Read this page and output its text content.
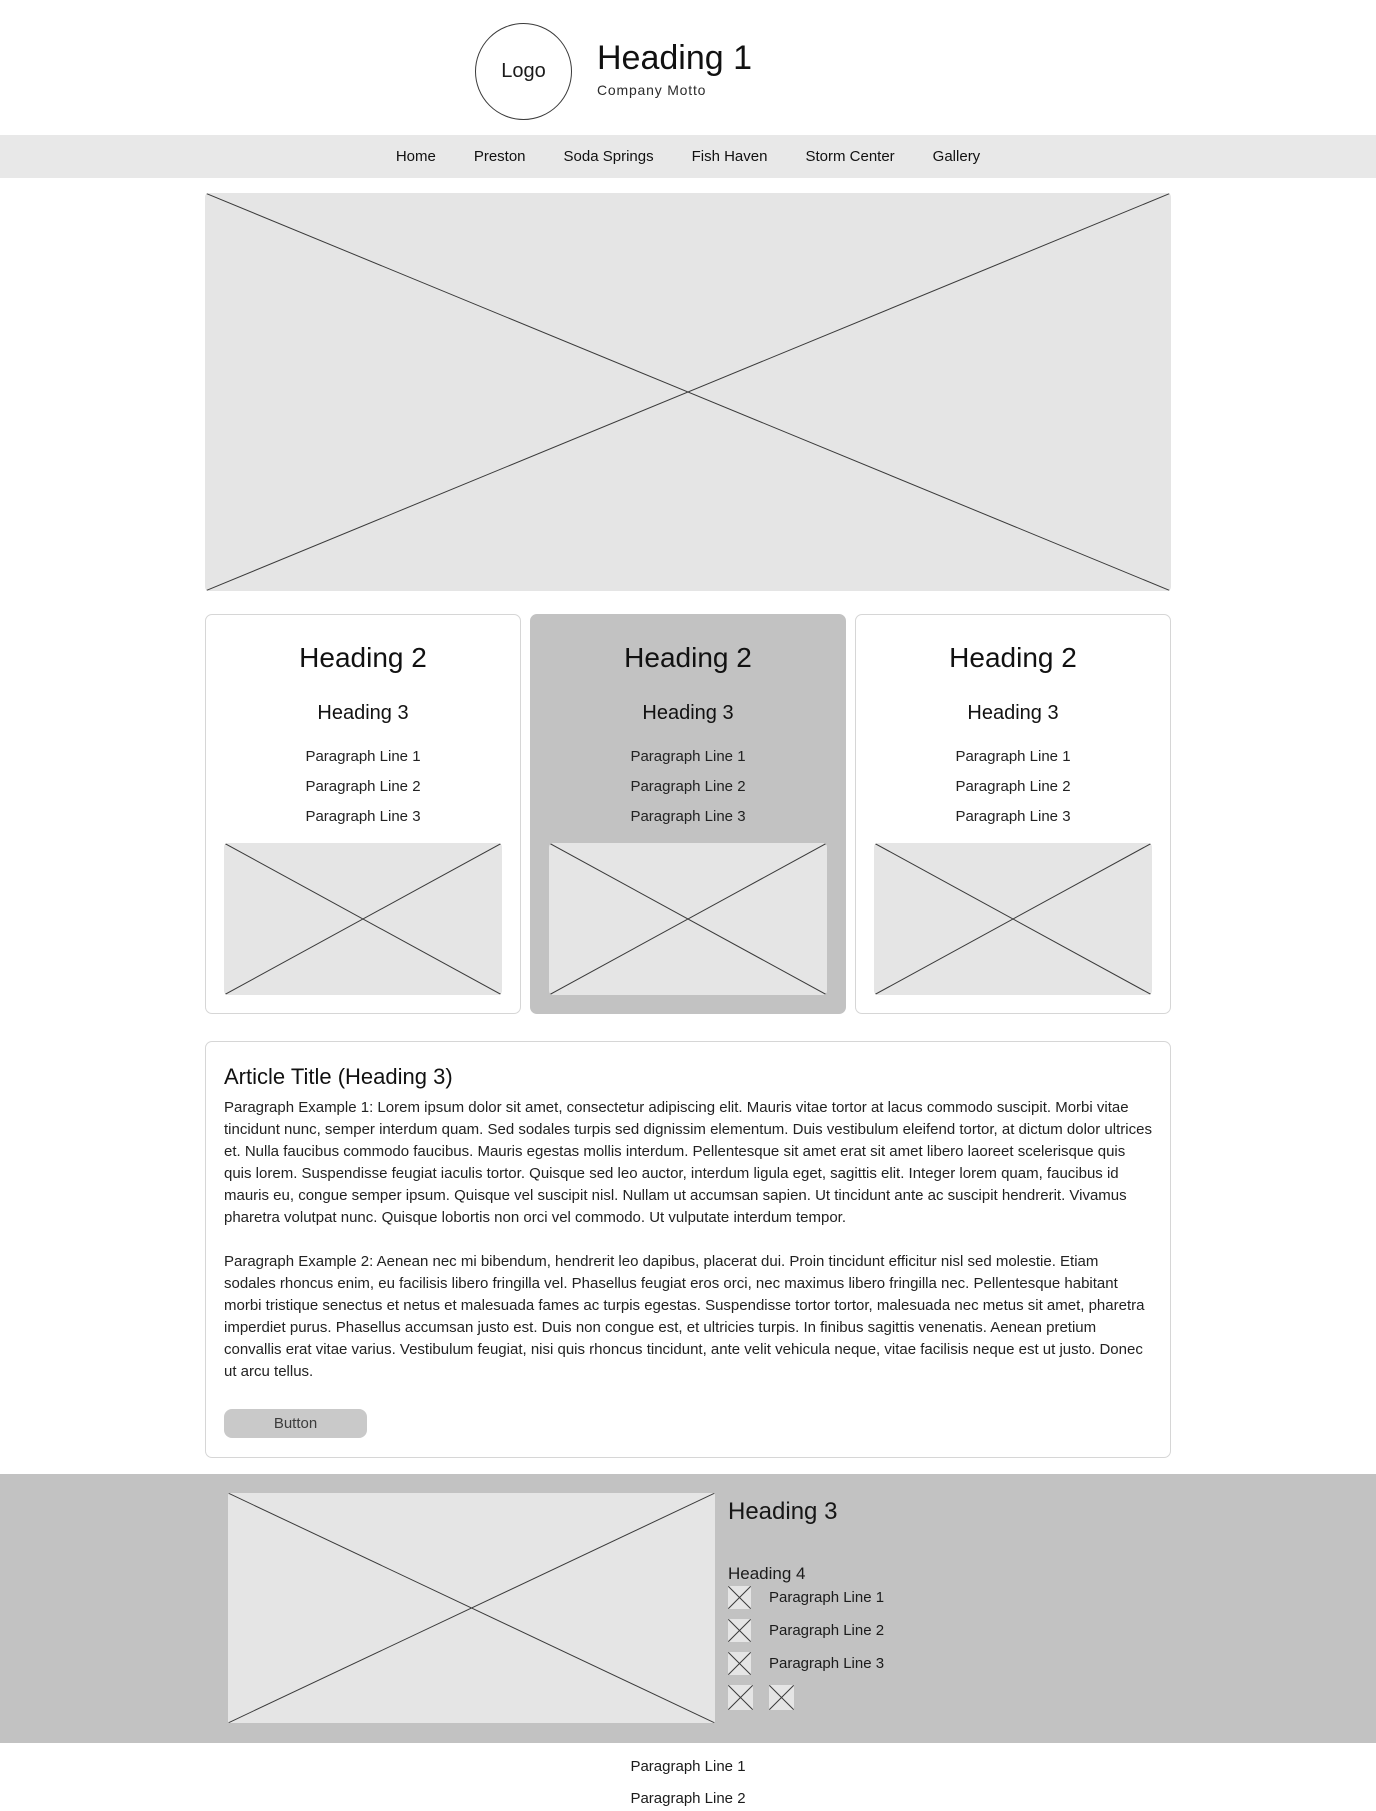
Logo Heading 1
Company Motto
Home	Preston	Soda Springs	Fish Haven	Storm Center	Gallery
Heading 2
Heading 3
Paragraph Line 1
Paragraph Line 2
Paragraph Line 3
Heading 2
Heading 3
Paragraph Line 1
Paragraph Line 2
Paragraph Line 3
Heading 2
Heading 3
Paragraph Line 1
Paragraph Line 2
Paragraph Line 3
Article Title (Heading 3)

Paragraph Example 1: Lorem ipsum dolor sit amet, consectetur adipiscing elit. Mauris vitae tortor at lacus commodo suscipit. Morbi vitae tincidunt nunc, semper interdum quam. Sed sodales turpis sed dignissim elementum. Duis vestibulum eleifend tortor, at dictum dolor ultrices et. Nulla faucibus commodo faucibus. Mauris egestas mollis interdum. Pellentesque sit amet erat sit amet libero laoreet scelerisque quis quis lorem. Suspendisse feugiat iaculis tortor. Quisque sed leo auctor, interdum ligula eget, sagittis elit. Integer lorem quam, faucibus id mauris eu, congue semper ipsum. Quisque vel suscipit nisl. Nullam ut accumsan sapien. Ut tincidunt ante ac suscipit hendrerit. Vivamus pharetra volutpat nunc. Quisque lobortis non orci vel commodo. Ut vulputate interdum tempor.

Paragraph Example 2: Aenean nec mi bibendum, hendrerit leo dapibus, placerat dui. Proin tincidunt efficitur nisl sed molestie. Etiam sodales rhoncus enim, eu facilisis libero fringilla vel. Phasellus feugiat eros orci, nec maximus libero fringilla nec. Pellentesque habitant morbi tristique senectus et netus et malesuada fames ac turpis egestas. Suspendisse tortor tortor, malesuada nec metus sit amet, pharetra imperdiet purus. Phasellus accumsan justo est. Duis non congue est, et ultricies turpis. In finibus sagittis venenatis. Aenean pretium convallis erat vitae varius. Vestibulum feugiat, nisi quis rhoncus tincidunt, ante velit vehicula neque, vitae facilisis neque est ut justo. Donec ut arcu tellus.

Button
Heading 3
Heading 4
Paragraph Line 1
Paragraph Line 2
Paragraph Line 3

Paragraph Line 1

Paragraph Line 2
